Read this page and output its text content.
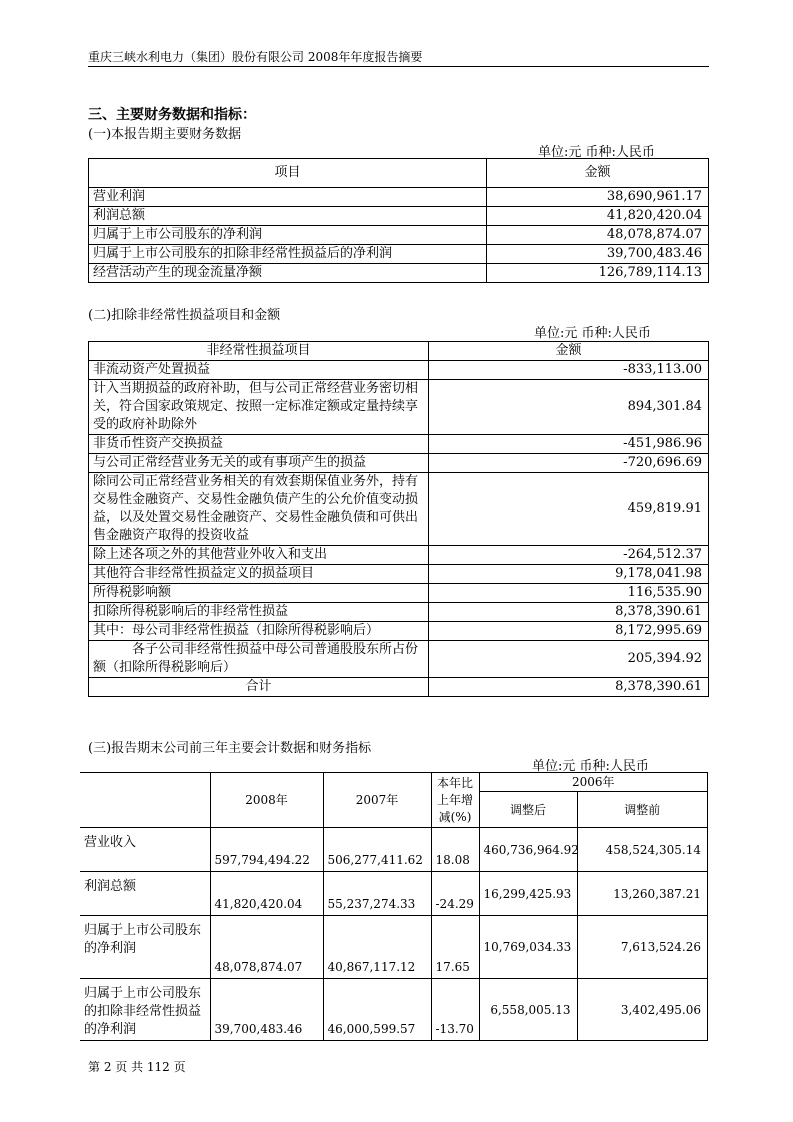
重庆三峡水利电力（集团）股份有限公司 2008年年度报告摘要
三、主要财务数据和指标：
(一)本报告期主要财务数据
单位:元 币种:人民币
项目	金额
营业利润	38,690,961.17
利润总额	41,820,420.04
归属于上市公司股东的净利润	48,078,874.07
归属于上市公司股东的扣除非经常性损益后的净利润	39,700,483.46
经营活动产生的现金流量净额	126,789,114.13
(二)扣除非经常性损益项目和金额
单位:元 币种:人民币
非经常性损益项目	金额
非流动资产处置损益	-833,113.00
计入当期损益的政府补助，但与公司正常经营业务密切相关，符合国家政策规定、按照一定标准定额或定量持续享受的政府补助除外	894,301.84
非货币性资产交换损益	-451,986.96
与公司正常经营业务无关的或有事项产生的损益	-720,696.69
除同公司正常经营业务相关的有效套期保值业务外，持有交易性金融资产、交易性金融负债产生的公允价值变动损益，以及处置交易性金融资产、交易性金融负债和可供出售金融资产取得的投资收益	459,819.91
除上述各项之外的其他营业外收入和支出	-264,512.37
其他符合非经常性损益定义的损益项目	9,178,041.98
所得税影响额	116,535.90
扣除所得税影响后的非经常性损益	8,378,390.61
其中：母公司非经常性损益（扣除所得税影响后）	8,172,995.69
　　　各子公司非经常性损益中母公司普通股股东所占份额（扣除所得税影响后）	205,394.92
合计	8,378,390.61
(三)报告期末公司前三年主要会计数据和财务指标
单位:元 币种:人民币
	2008年	2007年	本年比上年增减(%)	2006年	
				调整后	调整前
营业收入	597,794,494.22	506,277,411.62	18.08	460,736,964.92	458,524,305.14
利润总额	41,820,420.04	55,237,274.33	-24.29	16,299,425.93	13,260,387.21
归属于上市公司股东的净利润	48,078,874.07	40,867,117.12	17.65	10,769,034.33	7,613,524.26
归属于上市公司股东的扣除非经常性损益的净利润	39,700,483.46	46,000,599.57	-13.70	6,558,005.13	3,402,495.06
第 2 页 共 112 页
